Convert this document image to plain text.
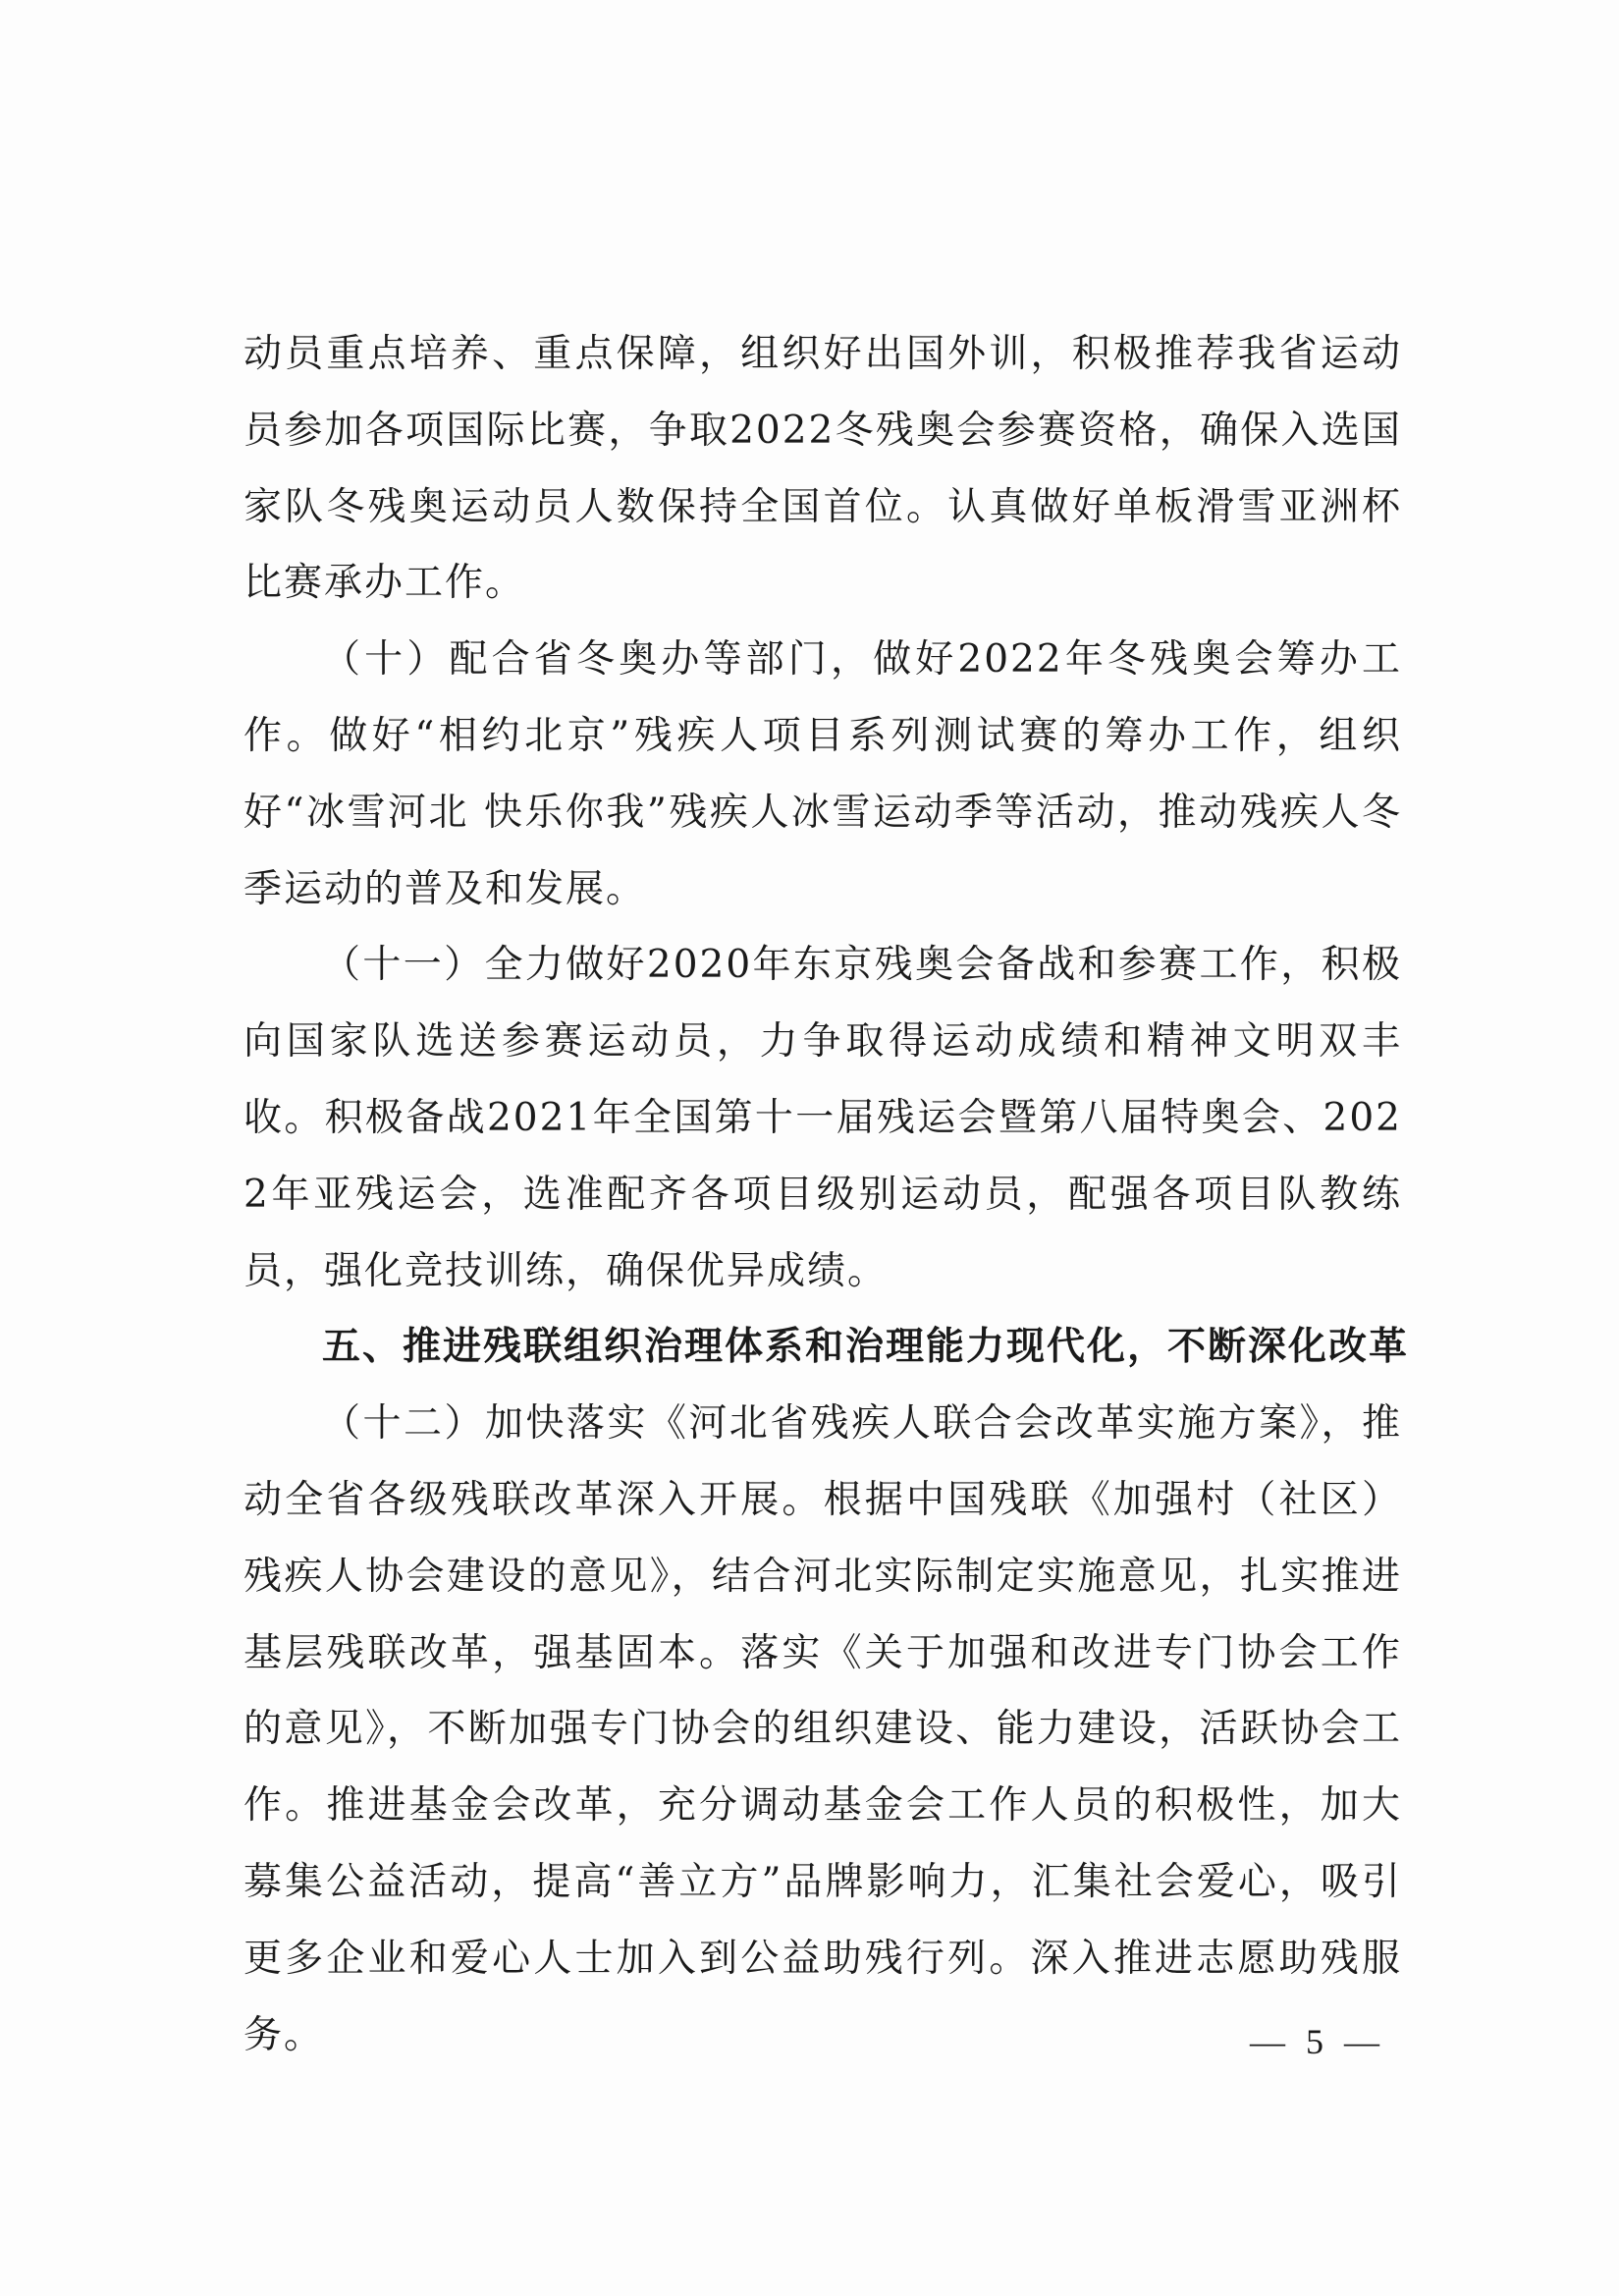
动员重点培养、重点保障，组织好出国外训，积极推荐我省运动员参加各项国际比赛，争取2022冬残奥会参赛资格，确保入选国家队冬残奥运动员人数保持全国首位。认真做好单板滑雪亚洲杯比赛承办工作。

（十）配合省冬奥办等部门，做好2022年冬残奥会筹办工作。做好“相约北京”残疾人项目系列测试赛的筹办工作，组织好“冰雪河北 快乐你我”残疾人冰雪运动季等活动，推动残疾人冬季运动的普及和发展。

（十一）全力做好2020年东京残奥会备战和参赛工作，积极向国家队选送参赛运动员，力争取得运动成绩和精神文明双丰收。积极备战2021年全国第十一届残运会暨第八届特奥会、2022年亚残运会，选准配齐各项目级别运动员，配强各项目队教练员，强化竞技训练，确保优异成绩。

五、推进残联组织治理体系和治理能力现代化，不断深化改革

（十二）加快落实《河北省残疾人联合会改革实施方案》，推动全省各级残联改革深入开展。根据中国残联《加强村（社区）残疾人协会建设的意见》，结合河北实际制定实施意见，扎实推进基层残联改革，强基固本。落实《关于加强和改进专门协会工作的意见》，不断加强专门协会的组织建设、能力建设，活跃协会工作。推进基金会改革，充分调动基金会工作人员的积极性，加大募集公益活动，提高“善立方”品牌影响力，汇集社会爱心，吸引更多企业和爱心人士加入到公益助残行列。深入推进志愿助残服务。	— 5 —
